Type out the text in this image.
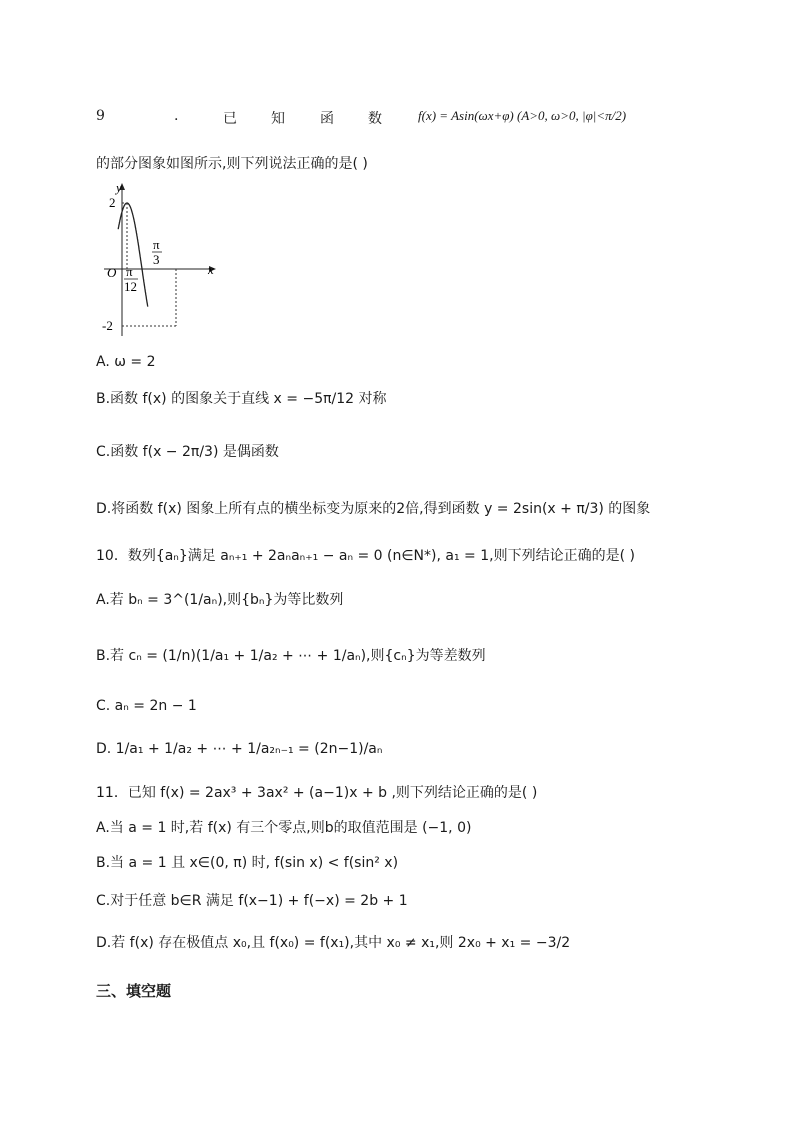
9	.	已 知	函 数	f(x) = Asin(ωx+φ) (A>0, ω>0, |φ|<π/2)
的部分图象如图所示,则下列说法正确的是( )
y
x
O
2
-2
π
12
π
3
A. ω = 2
B.函数 f(x) 的图象关于直线 x = −5π/12 对称
C.函数 f(x − 2π/3) 是偶函数
D.将函数 f(x) 图象上所有点的横坐标变为原来的2倍,得到函数 y = 2sin(x + π/3) 的图象
10．数列{aₙ}满足 aₙ₊₁ + 2aₙaₙ₊₁ − aₙ = 0 (n∈N*), a₁ = 1,则下列结论正确的是( )
A.若 bₙ = 3^(1/aₙ),则{bₙ}为等比数列
B.若 cₙ = (1/n)(1/a₁ + 1/a₂ + ⋯ + 1/aₙ),则{cₙ}为等差数列
C. aₙ = 2n − 1
D. 1/a₁ + 1/a₂ + ⋯ + 1/a₂ₙ₋₁ = (2n−1)/aₙ
11．已知 f(x) = 2ax³ + 3ax² + (a−1)x + b ,则下列结论正确的是( )
A.当 a = 1 时,若 f(x) 有三个零点,则b的取值范围是 (−1, 0)
B.当 a = 1 且 x∈(0, π) 时, f(sin x) < f(sin² x)
C.对于任意 b∈R 满足 f(x−1) + f(−x) = 2b + 1
D.若 f(x) 存在极值点 x₀,且 f(x₀) = f(x₁),其中 x₀ ≠ x₁,则 2x₀ + x₁ = −3/2
三、填空题
